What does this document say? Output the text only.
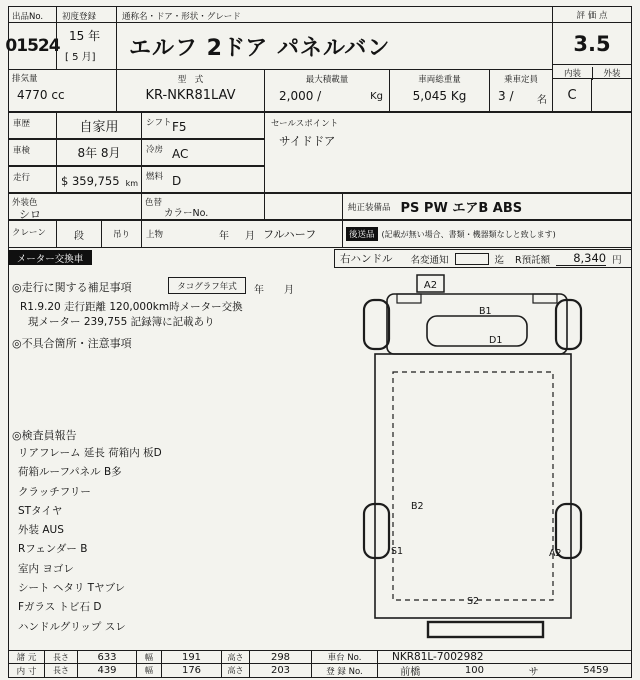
出品No.
01524
初度登録
15 年
[ 5 月]
排気量
4770 cc
通称名・ドア・形状・グレード
エルフ 2ドア パネルバン
型　式
KR-NKR81LAV
最大積載量
2,000 /	Kg
車両総重量
5,045 Kg
乗車定員
3 / 名
評 価 点
3.5
内装	外装
C
車歴	自家用	シフト F5
車検	8年 8月	冷房 AC
走行	$ 359,755 km
燃料 D
外装色
シロ
色替
カラーNo.
純正装備品 PS PW エアB ABS
クレーン	段	吊り	上物	年 月 フルハーフ
セールスポイント
サイドドア
後送品 (記載が無い場合、書類・機器類なしと致します)
メーター交換車	右ハンドル 名変通知	迄 R預託額	8,340 円
◎走行に関する補足事項	タコグラフ年式	年 月
R1.9.20 走行距離 120,000km時メーター交換
現メーター 239,755 記録簿に記載あり
◎不具合箇所・注意事項
◎検査員報告
リアフレーム 延長 荷箱内 板D
荷箱ルーフパネル B多
クラッチフリー
STタイヤ
外装 AUS
Rフェンダー B
室内 ヨゴレ
シート ヘタリ Tヤブレ
Fガラス トビ石 D
ハンドルグリップ スレ
A2
B1
D1
B2
S1	A2
S2
諸 元	長さ	633	幅	191	高さ	298	車台 No.	NKR81L-7002982
内 寸	長さ	439	幅	176	高さ	203	登 録 No.	前橋	100	サ	5459
